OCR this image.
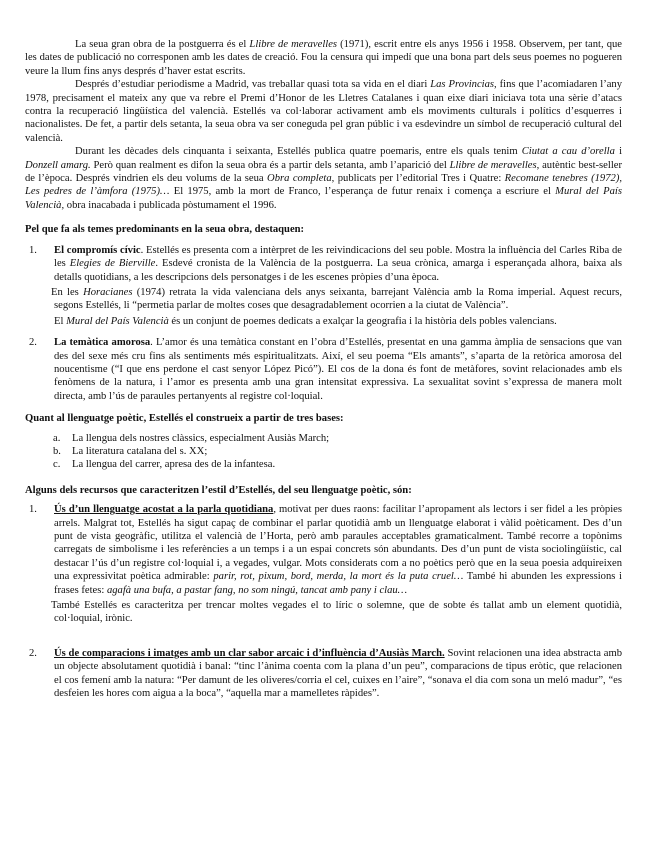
La seua gran obra de la postguerra és el Llibre de meravelles (1971), escrit entre els anys 1956 i 1958. Observem, per tant, que les dates de publicació no corresponen amb les dates de creació. Fou la censura qui impedí que una bona part dels seus poemes no pogueren veure la llum fins anys després d’haver estat escrits.

Després d’estudiar periodisme a Madrid, vas treballar quasi tota sa vida en el diari Las Provincias, fins que l’acomiadaren l’any 1978, precisament el mateix any que va rebre el Premi d’Honor de les Lletres Catalanes i quan eixe diari iniciava tota una sèrie d’atacs contra la recuperació lingüística del valencià. Estellés va col·laborar activament amb els moviments culturals i polítics d’esquerres i nacionalistes. De fet, a partir dels setanta, la seua obra va ser coneguda pel gran públic i va esdevindre un símbol de recuperació cultural del valencià.

Durant les dècades dels cinquanta i seixanta, Estellés publica quatre poemaris, entre els quals tenim Ciutat a cau d’orella i Donzell amarg. Però quan realment es difon la seua obra és a partir dels setanta, amb l’aparició del Llibre de meravelles, autèntic best-seller de l’època. Després vindrien els deu volums de la seua Obra completa, publicats per l’editorial Tres i Quatre: Recomane tenebres (1972), Les pedres de l’àmfora (1975)… El 1975, amb la mort de Franco, l’esperança de futur renaix i comença a escriure el Mural del País Valencià, obra inacabada i publicada pòstumament el 1996.

Pel que fa als temes predominants en la seua obra, destaquen:

1.	El compromís cívic. Estellés es presenta com a intèrpret de les reivindicacions del seu poble. Mostra la influència del Carles Riba de les Elegies de Bierville. Esdevé cronista de la València de la postguerra. La seua crònica, amarga i esperançada alhora, baixa als detalls quotidians, a les descripcions dels personatges i de les escenes pròpies d’una època.

En les Horacianes (1974) retrata la vida valenciana dels anys seixanta, barrejant València amb la Roma imperial. Aquest recurs, segons Estellés, li “permetia parlar de moltes coses que desagradablement ocorrien a la ciutat de València”.

El Mural del País Valencià és un conjunt de poemes dedicats a exalçar la geografia i la història dels pobles valencians.

2.	La temàtica amorosa. L’amor és una temàtica constant en l’obra d’Estellés, presentat en una gamma àmplia de sensacions que van des del sexe més cru fins als sentiments més espiritualitzats. Així, el seu poema “Els amants”, s’aparta de la retòrica amorosa del noucentisme (“I que ens perdone el cast senyor López Picó”). El cos de la dona és font de metàfores, sovint relacionades amb els fenòmens de la natura, i l’amor es presenta amb una gran intensitat expressiva. La sexualitat sovint s’expressa de manera molt directa, amb l’ús de paraules pertanyents al registre col·loquial.

Quant al llenguatge poètic, Estellés el construeix a partir de tres bases:

a.	La llengua dels nostres clàssics, especialment Ausiàs March;
b.	La literatura catalana del s. XX;
c.	La llengua del carrer, apresa des de la infantesa.

Alguns dels recursos que caracteritzen l’estil d’Estellés, del seu llenguatge poètic, són:

1.	Ús d’un llenguatge acostat a la parla quotidiana, motivat per dues raons: facilitar l’apropament als lectors i ser fidel a les pròpies arrels. Malgrat tot, Estellés ha sigut capaç de combinar el parlar quotidià amb un llenguatge elaborat i vàlid poèticament. Des d’un punt de vista geogràfic, utilitza el valencià de l’Horta, però amb paraules acceptables gramaticalment. També recorre a topònims carregats de simbolisme i les referències a un temps i a un espai concrets són abundants. Des d’un punt de vista sociolingüístic, cal destacar l’ús d’un registre col·loquial i, a vegades, vulgar. Mots considerats com a no poètics però que en la seua poesia adquireixen una expressivitat poètica admirable: parir, rot, pixum, bord, merda, la mort és la puta cruel… També hi abunden les expressions i frases fetes: agafà una bufa, a pastar fang, no som ningú, tancat amb pany i clau…

També Estellés es caracteritza per trencar moltes vegades el to líric o solemne, que de sobte és tallat amb un element quotidià, col·loquial, irònic.

2.	Ús de comparacions i imatges amb un clar sabor arcaic i d’influència d’Ausiàs March. Sovint relacionen una idea abstracta amb un objecte absolutament quotidià i banal: “tinc l’ànima coenta com la plana d’un peu”, comparacions de tipus eròtic, que relacionen el cos femení amb la natura: “Per damunt de les oliveres/corria el cel, cuixes en l’aire”, “sonava el dia com sona un meló madur”, “es desfeien les hores com aigua a la boca”, “aquella mar a mamelletes ràpides”.
